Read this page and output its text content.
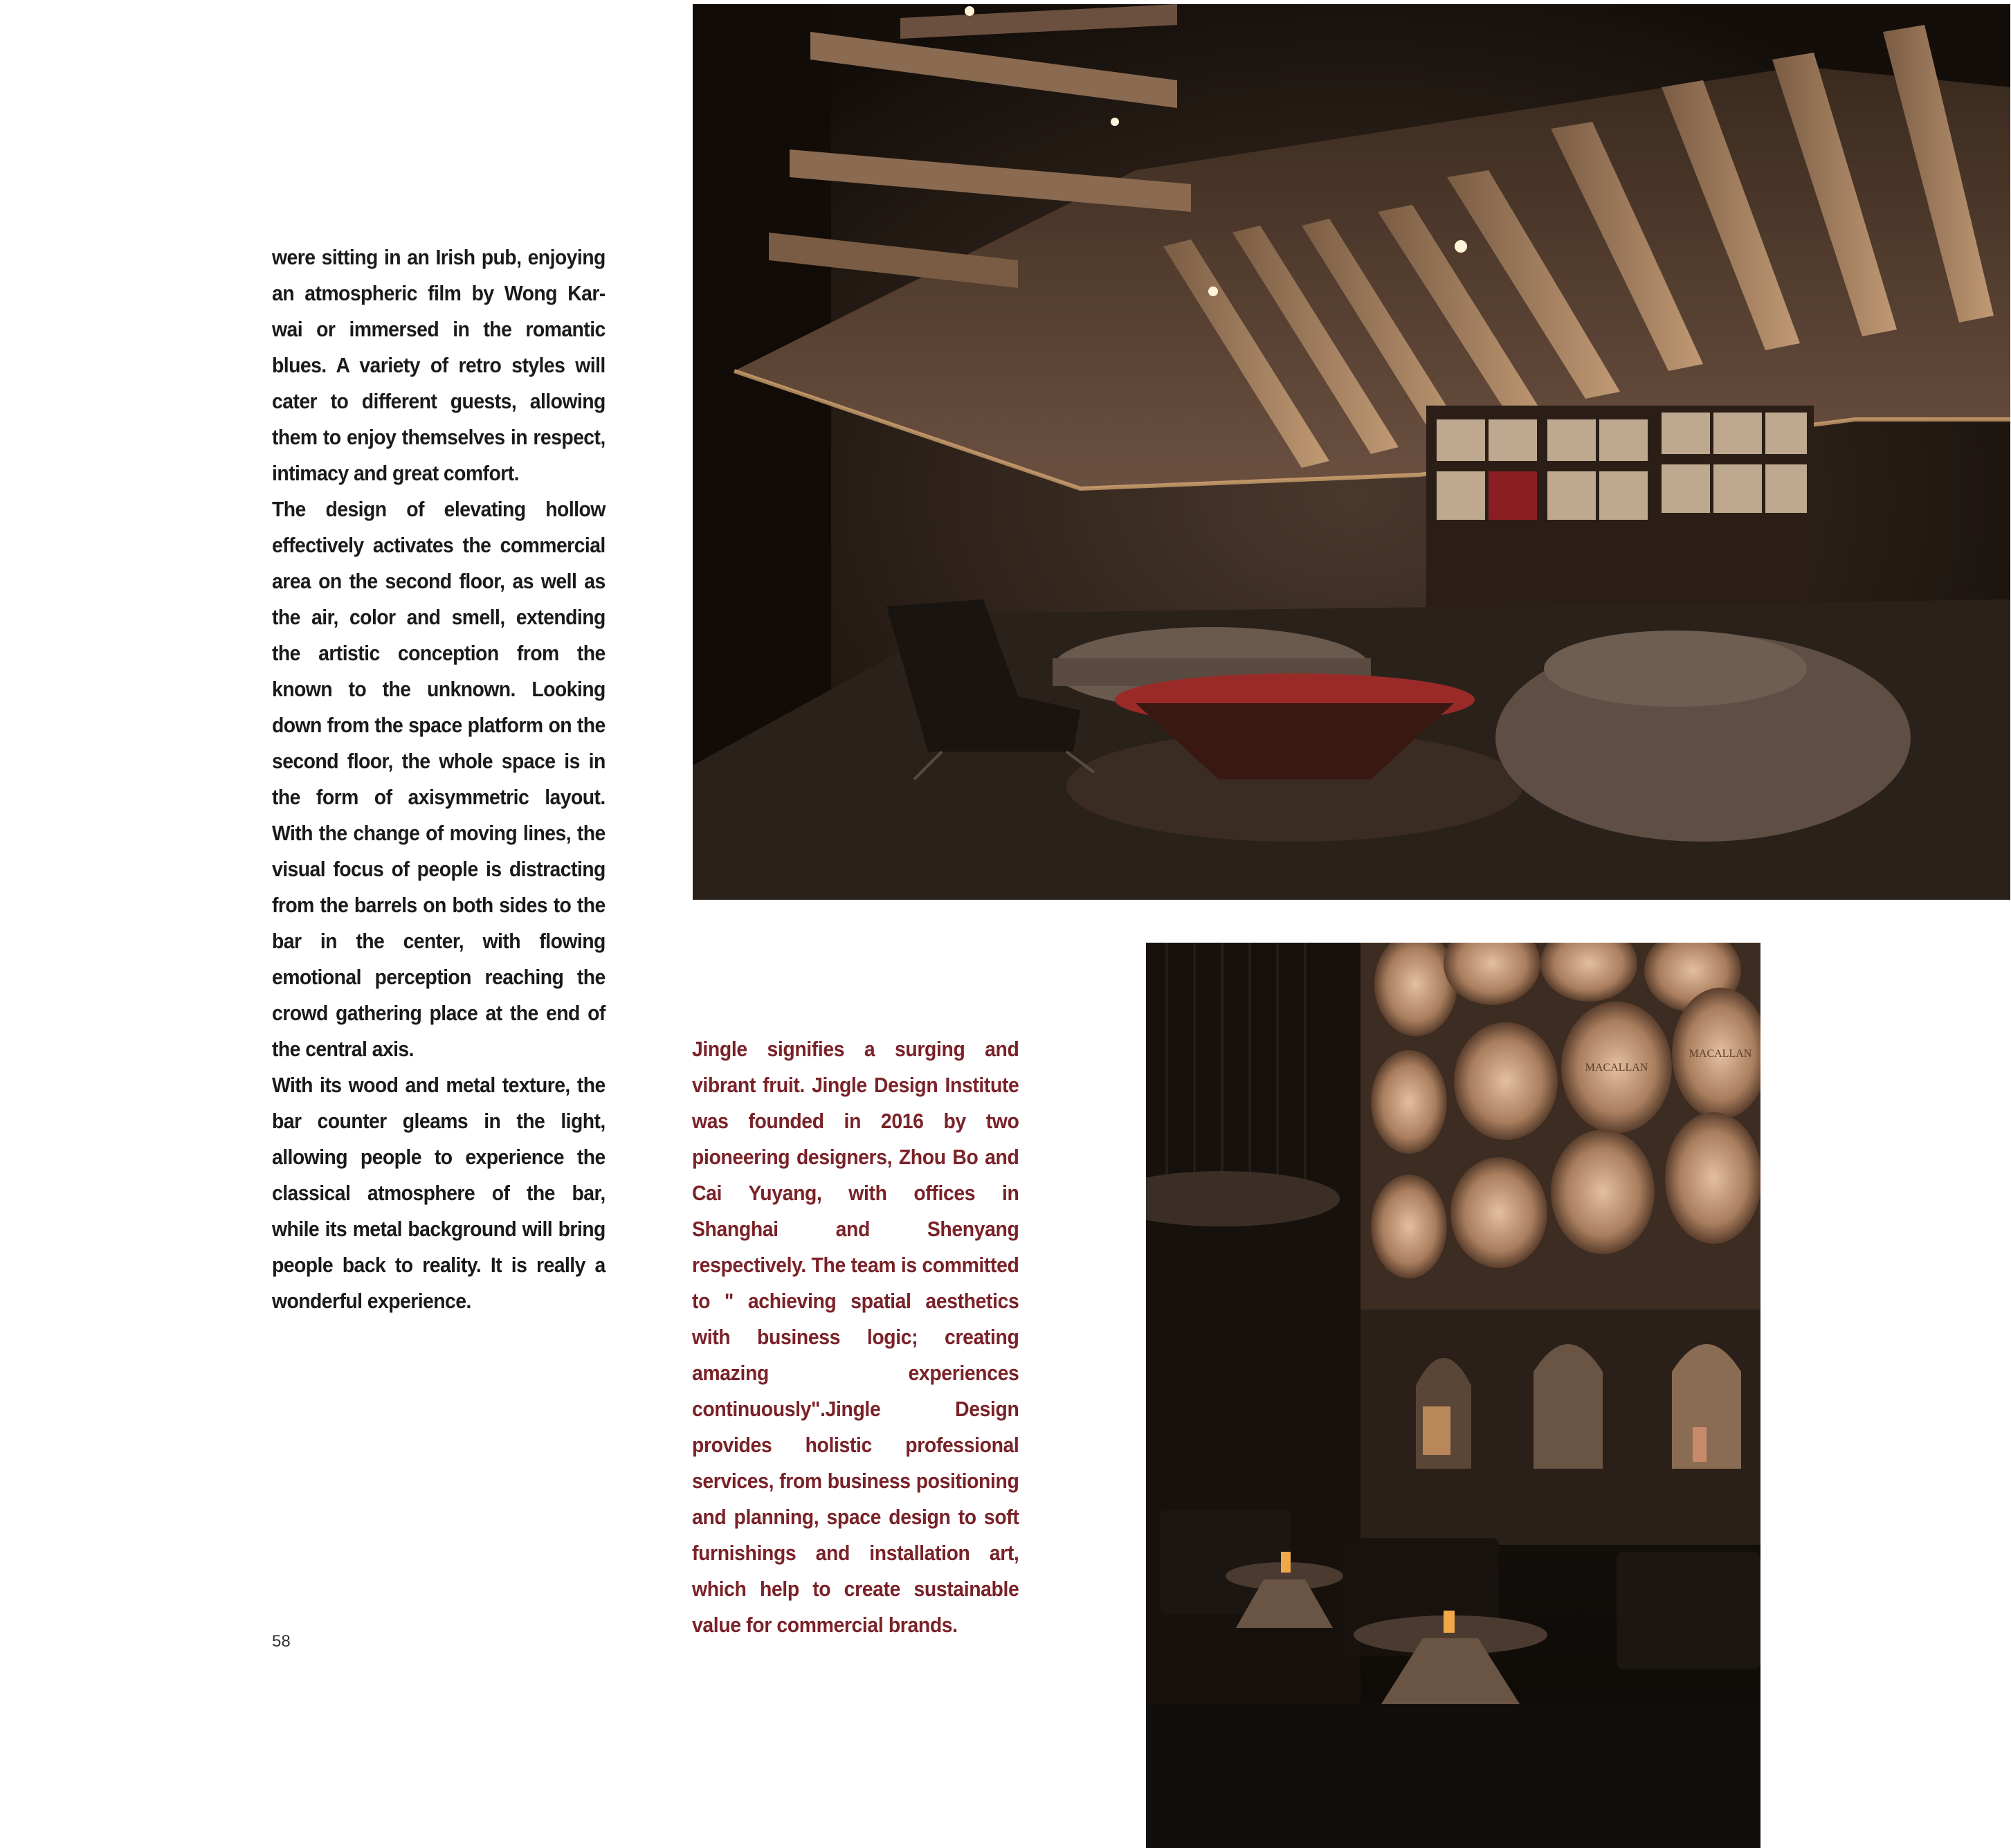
were sitting in an Irish pub, enjoying an atmospheric film by Wong Kar-wai or immersed in the romantic blues. A variety of retro styles will cater to different guests, allowing them to enjoy themselves in respect, intimacy and great comfort.

The design of elevating hollow effectively activates the commercial area on the second floor, as well as the air, color and smell, extending the artistic conception from the known to the unknown. Looking down from the space platform on the second floor, the whole space is in the form of axisymmetric layout. With the change of moving lines, the visual focus of people is distracting from the barrels on both sides to the bar in the center, with flowing emotional perception reaching the crowd gathering place at the end of the central axis.

With its wood and metal texture, the bar counter gleams in the light, allowing people to experience the classical atmosphere of the bar, while its metal background will bring people back to reality. It is really a wonderful experience.

Jingle signifies a surging and vibrant fruit. Jingle Design Institute was founded in 2016 by two pioneering designers, Zhou Bo and Cai Yuyang, with offices in Shanghai and Shenyang respectively. The team is committed to " achieving spatial aesthetics with business logic; creating amazing experiences continuously".Jingle Design provides holistic professional services, from business positioning and planning, space design to soft furnishings and installation art, which help to create sustainable value for commercial brands.

58
MACALLAN
MACALLAN
